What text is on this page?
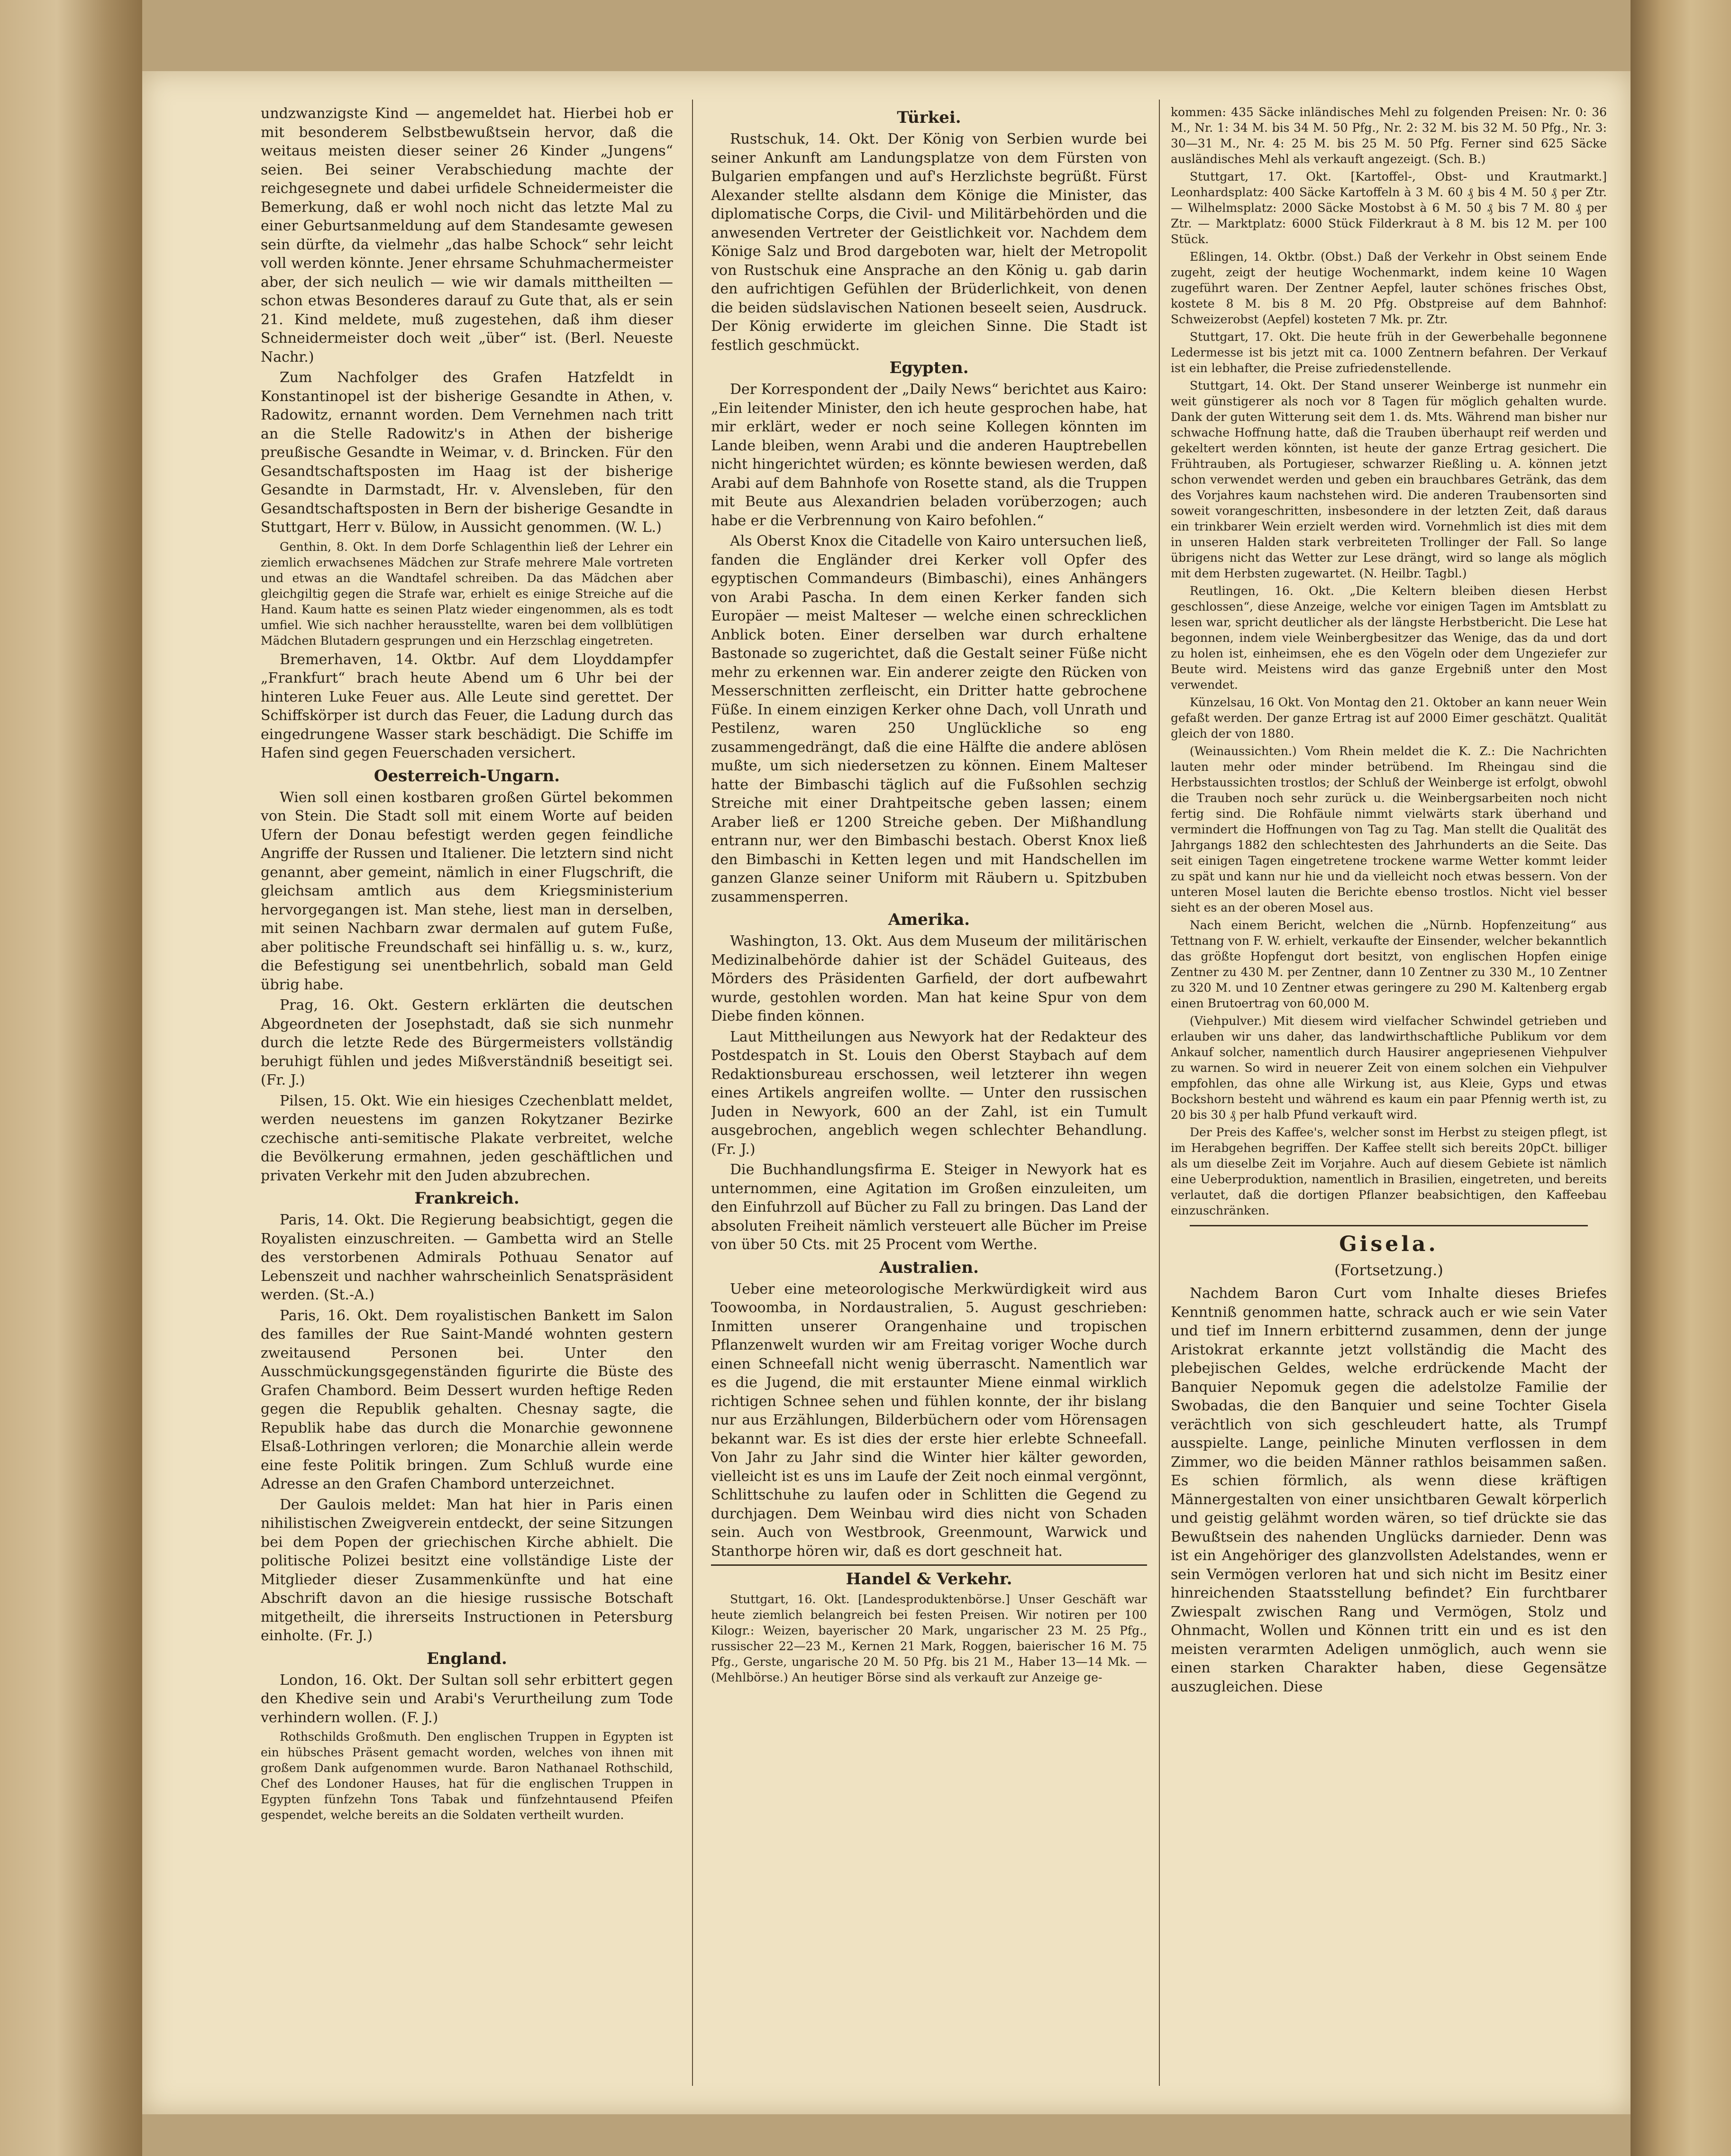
undzwanzigste Kind — angemeldet hat. Hierbei hob er mit besonderem Selbstbewußtsein hervor, daß die weitaus meisten dieser seiner 26 Kinder „Jungens“ seien. Bei seiner Verabschiedung machte der reichgesegnete und dabei urfidele Schneidermeister die Bemerkung, daß er wohl noch nicht das letzte Mal zu einer Geburtsanmeldung auf dem Standesamte gewesen sein dürfte, da vielmehr „das halbe Schock“ sehr leicht voll werden könnte. Jener ehrsame Schuhmachermeister aber, der sich neulich — wie wir damals mittheilten — schon etwas Besonderes darauf zu Gute that, als er sein 21. Kind meldete, muß zugestehen, daß ihm dieser Schneidermeister doch weit „über“ ist. (Berl. Neueste Nachr.)

Zum Nachfolger des Grafen Hatzfeldt in Konstantinopel ist der bisherige Gesandte in Athen, v. Radowitz, ernannt worden. Dem Vernehmen nach tritt an die Stelle Radowitz's in Athen der bisherige preußische Gesandte in Weimar, v. d. Brincken. Für den Gesandtschaftsposten im Haag ist der bisherige Gesandte in Darmstadt, Hr. v. Alvensleben, für den Gesandtschaftsposten in Bern der bisherige Gesandte in Stuttgart, Herr v. Bülow, in Aussicht genommen. (W. L.)

Genthin, 8. Okt. In dem Dorfe Schlagenthin ließ der Lehrer ein ziemlich erwachsenes Mädchen zur Strafe mehrere Male vortreten und etwas an die Wandtafel schreiben. Da das Mädchen aber gleichgiltig gegen die Strafe war, erhielt es einige Streiche auf die Hand. Kaum hatte es seinen Platz wieder eingenommen, als es todt umfiel. Wie sich nachher herausstellte, waren bei dem vollblütigen Mädchen Blutadern gesprungen und ein Herzschlag eingetreten.

Bremerhaven, 14. Oktbr. Auf dem Lloyddampfer „Frankfurt“ brach heute Abend um 6 Uhr bei der hinteren Luke Feuer aus. Alle Leute sind gerettet. Der Schiffskörper ist durch das Feuer, die Ladung durch das eingedrungene Wasser stark beschädigt. Die Schiffe im Hafen sind gegen Feuerschaden versichert.

Oesterreich-Ungarn.

Wien soll einen kostbaren großen Gürtel bekommen von Stein. Die Stadt soll mit einem Worte auf beiden Ufern der Donau befestigt werden gegen feindliche Angriffe der Russen und Italiener. Die letztern sind nicht genannt, aber gemeint, nämlich in einer Flugschrift, die gleichsam amtlich aus dem Kriegsministerium hervorgegangen ist. Man stehe, liest man in derselben, mit seinen Nachbarn zwar dermalen auf gutem Fuße, aber politische Freundschaft sei hinfällig u. s. w., kurz, die Befestigung sei unentbehrlich, sobald man Geld übrig habe.

Prag, 16. Okt. Gestern erklärten die deutschen Abgeordneten der Josephstadt, daß sie sich nunmehr durch die letzte Rede des Bürgermeisters vollständig beruhigt fühlen und jedes Mißverständniß beseitigt sei. (Fr. J.)

Pilsen, 15. Okt. Wie ein hiesiges Czechenblatt meldet, werden neuestens im ganzen Rokytzaner Bezirke czechische anti-semitische Plakate verbreitet, welche die Bevölkerung ermahnen, jeden geschäftlichen und privaten Verkehr mit den Juden abzubrechen.

Frankreich.

Paris, 14. Okt. Die Regierung beabsichtigt, gegen die Royalisten einzuschreiten. — Gambetta wird an Stelle des verstorbenen Admirals Pothuau Senator auf Lebenszeit und nachher wahrscheinlich Senatspräsident werden. (St.-A.)

Paris, 16. Okt. Dem royalistischen Bankett im Salon des familles der Rue Saint-Mandé wohnten gestern zweitausend Personen bei. Unter den Ausschmückungsgegenständen figurirte die Büste des Grafen Chambord. Beim Dessert wurden heftige Reden gegen die Republik gehalten. Chesnay sagte, die Republik habe das durch die Monarchie gewonnene Elsaß-Lothringen verloren; die Monarchie allein werde eine feste Politik bringen. Zum Schluß wurde eine Adresse an den Grafen Chambord unterzeichnet.

Der Gaulois meldet: Man hat hier in Paris einen nihilistischen Zweigverein entdeckt, der seine Sitzungen bei dem Popen der griechischen Kirche abhielt. Die politische Polizei besitzt eine vollständige Liste der Mitglieder dieser Zusammenkünfte und hat eine Abschrift davon an die hiesige russische Botschaft mitgetheilt, die ihrerseits Instructionen in Petersburg einholte. (Fr. J.)

England.

London, 16. Okt. Der Sultan soll sehr erbittert gegen den Khedive sein und Arabi's Verurtheilung zum Tode verhindern wollen. (F. J.)

Rothschilds Großmuth. Den englischen Truppen in Egypten ist ein hübsches Präsent gemacht worden, welches von ihnen mit großem Dank aufgenommen wurde. Baron Nathanael Rothschild, Chef des Londoner Hauses, hat für die englischen Truppen in Egypten fünfzehn Tons Tabak und fünfzehntausend Pfeifen gespendet, welche bereits an die Soldaten vertheilt wurden.

Türkei.

Rustschuk, 14. Okt. Der König von Serbien wurde bei seiner Ankunft am Landungsplatze von dem Fürsten von Bulgarien empfangen und auf's Herzlichste begrüßt. Fürst Alexander stellte alsdann dem Könige die Minister, das diplomatische Corps, die Civil- und Militärbehörden und die anwesenden Vertreter der Geistlichkeit vor. Nachdem dem Könige Salz und Brod dargeboten war, hielt der Metropolit von Rustschuk eine Ansprache an den König u. gab darin den aufrichtigen Gefühlen der Brüderlichkeit, von denen die beiden südslavischen Nationen beseelt seien, Ausdruck. Der König erwiderte im gleichen Sinne. Die Stadt ist festlich geschmückt.

Egypten.

Der Korrespondent der „Daily News“ berichtet aus Kairo: „Ein leitender Minister, den ich heute gesprochen habe, hat mir erklärt, weder er noch seine Kollegen könnten im Lande bleiben, wenn Arabi und die anderen Hauptrebellen nicht hingerichtet würden; es könnte bewiesen werden, daß Arabi auf dem Bahnhofe von Rosette stand, als die Truppen mit Beute aus Alexandrien beladen vorüberzogen; auch habe er die Verbrennung von Kairo befohlen.“

Als Oberst Knox die Citadelle von Kairo untersuchen ließ, fanden die Engländer drei Kerker voll Opfer des egyptischen Commandeurs (Bimbaschi), eines Anhängers von Arabi Pascha. In dem einen Kerker fanden sich Europäer — meist Malteser — welche einen schrecklichen Anblick boten. Einer derselben war durch erhaltene Bastonade so zugerichtet, daß die Gestalt seiner Füße nicht mehr zu erkennen war. Ein anderer zeigte den Rücken von Messerschnitten zerfleischt, ein Dritter hatte gebrochene Füße. In einem einzigen Kerker ohne Dach, voll Unrath und Pestilenz, waren 250 Unglückliche so eng zusammengedrängt, daß die eine Hälfte die andere ablösen mußte, um sich niedersetzen zu können. Einem Malteser hatte der Bimbaschi täglich auf die Fußsohlen sechzig Streiche mit einer Drahtpeitsche geben lassen; einem Araber ließ er 1200 Streiche geben. Der Mißhandlung entrann nur, wer den Bimbaschi bestach. Oberst Knox ließ den Bimbaschi in Ketten legen und mit Handschellen im ganzen Glanze seiner Uniform mit Räubern u. Spitzbuben zusammensperren.

Amerika.

Washington, 13. Okt. Aus dem Museum der militärischen Medizinalbehörde dahier ist der Schädel Guiteaus, des Mörders des Präsidenten Garfield, der dort aufbewahrt wurde, gestohlen worden. Man hat keine Spur von dem Diebe finden können.

Laut Mittheilungen aus Newyork hat der Redakteur des Postdespatch in St. Louis den Oberst Staybach auf dem Redaktionsbureau erschossen, weil letzterer ihn wegen eines Artikels angreifen wollte. — Unter den russischen Juden in Newyork, 600 an der Zahl, ist ein Tumult ausgebrochen, angeblich wegen schlechter Behandlung. (Fr. J.)

Die Buchhandlungsfirma E. Steiger in Newyork hat es unternommen, eine Agitation im Großen einzuleiten, um den Einfuhrzoll auf Bücher zu Fall zu bringen. Das Land der absoluten Freiheit nämlich versteuert alle Bücher im Preise von über 50 Cts. mit 25 Procent vom Werthe.

Australien.

Ueber eine meteorologische Merkwürdigkeit wird aus Toowoomba, in Nordaustralien, 5. August geschrieben: Inmitten unserer Orangenhaine und tropischen Pflanzenwelt wurden wir am Freitag voriger Woche durch einen Schneefall nicht wenig überrascht. Namentlich war es die Jugend, die mit erstaunter Miene einmal wirklich richtigen Schnee sehen und fühlen konnte, der ihr bislang nur aus Erzählungen, Bilderbüchern oder vom Hörensagen bekannt war. Es ist dies der erste hier erlebte Schneefall. Von Jahr zu Jahr sind die Winter hier kälter geworden, vielleicht ist es uns im Laufe der Zeit noch einmal vergönnt, Schlittschuhe zu laufen oder in Schlitten die Gegend zu durchjagen. Dem Weinbau wird dies nicht von Schaden sein. Auch von Westbrook, Greenmount, Warwick und Stanthorpe hören wir, daß es dort geschneit hat.

Handel & Verkehr.

Stuttgart, 16. Okt. [Landesproduktenbörse.] Unser Geschäft war heute ziemlich belangreich bei festen Preisen. Wir notiren per 100 Kilogr.: Weizen, bayerischer 20 Mark, ungarischer 23 M. 25 Pfg., russischer 22—23 M., Kernen 21 Mark, Roggen, baierischer 16 M. 75 Pfg., Gerste, ungarische 20 M. 50 Pfg. bis 21 M., Haber 13—14 Mk. — (Mehlbörse.) An heutiger Börse sind als verkauft zur Anzeige ge-

kommen: 435 Säcke inländisches Mehl zu folgenden Preisen: Nr. 0: 36 M., Nr. 1: 34 M. bis 34 M. 50 Pfg., Nr. 2: 32 M. bis 32 M. 50 Pfg., Nr. 3: 30—31 M., Nr. 4: 25 M. bis 25 M. 50 Pfg. Ferner sind 625 Säcke ausländisches Mehl als verkauft angezeigt. (Sch. B.)

Stuttgart, 17. Okt. [Kartoffel-, Obst- und Krautmarkt.] Leonhardsplatz: 400 Säcke Kartoffeln à 3 M. 60 ₰ bis 4 M. 50 ₰ per Ztr. — Wilhelmsplatz: 2000 Säcke Mostobst à 6 M. 50 ₰ bis 7 M. 80 ₰ per Ztr. — Marktplatz: 6000 Stück Filderkraut à 8 M. bis 12 M. per 100 Stück.

Eßlingen, 14. Oktbr. (Obst.) Daß der Verkehr in Obst seinem Ende zugeht, zeigt der heutige Wochenmarkt, indem keine 10 Wagen zugeführt waren. Der Zentner Aepfel, lauter schönes frisches Obst, kostete 8 M. bis 8 M. 20 Pfg. Obstpreise auf dem Bahnhof: Schweizerobst (Aepfel) kosteten 7 Mk. pr. Ztr.

Stuttgart, 17. Okt. Die heute früh in der Gewerbehalle begonnene Ledermesse ist bis jetzt mit ca. 1000 Zentnern befahren. Der Verkauf ist ein lebhafter, die Preise zufriedenstellende.

Stuttgart, 14. Okt. Der Stand unserer Weinberge ist nunmehr ein weit günstigerer als noch vor 8 Tagen für möglich gehalten wurde. Dank der guten Witterung seit dem 1. ds. Mts. Während man bisher nur schwache Hoffnung hatte, daß die Trauben überhaupt reif werden und gekeltert werden könnten, ist heute der ganze Ertrag gesichert. Die Frühtrauben, als Portugieser, schwarzer Rießling u. A. können jetzt schon verwendet werden und geben ein brauchbares Getränk, das dem des Vorjahres kaum nachstehen wird. Die anderen Traubensorten sind soweit vorangeschritten, insbesondere in der letzten Zeit, daß daraus ein trinkbarer Wein erzielt werden wird. Vornehmlich ist dies mit dem in unseren Halden stark verbreiteten Trollinger der Fall. So lange übrigens nicht das Wetter zur Lese drängt, wird so lange als möglich mit dem Herbsten zugewartet. (N. Heilbr. Tagbl.)

Reutlingen, 16. Okt. „Die Keltern bleiben diesen Herbst geschlossen“, diese Anzeige, welche vor einigen Tagen im Amtsblatt zu lesen war, spricht deutlicher als der längste Herbstbericht. Die Lese hat begonnen, indem viele Weinbergbesitzer das Wenige, das da und dort zu holen ist, einheimsen, ehe es den Vögeln oder dem Ungeziefer zur Beute wird. Meistens wird das ganze Ergebniß unter den Most verwendet.

Künzelsau, 16 Okt. Von Montag den 21. Oktober an kann neuer Wein gefaßt werden. Der ganze Ertrag ist auf 2000 Eimer geschätzt. Qualität gleich der von 1880.

(Weinaussichten.) Vom Rhein meldet die K. Z.: Die Nachrichten lauten mehr oder minder betrübend. Im Rheingau sind die Herbstaussichten trostlos; der Schluß der Weinberge ist erfolgt, obwohl die Trauben noch sehr zurück u. die Weinbergsarbeiten noch nicht fertig sind. Die Rohfäule nimmt vielwärts stark überhand und vermindert die Hoffnungen von Tag zu Tag. Man stellt die Qualität des Jahrgangs 1882 den schlechtesten des Jahrhunderts an die Seite. Das seit einigen Tagen eingetretene trockene warme Wetter kommt leider zu spät und kann nur hie und da vielleicht noch etwas bessern. Von der unteren Mosel lauten die Berichte ebenso trostlos. Nicht viel besser sieht es an der oberen Mosel aus.

Nach einem Bericht, welchen die „Nürnb. Hopfenzeitung“ aus Tettnang von F. W. erhielt, verkaufte der Einsender, welcher bekanntlich das größte Hopfengut dort besitzt, von englischen Hopfen einige Zentner zu 430 M. per Zentner, dann 10 Zentner zu 330 M., 10 Zentner zu 320 M. und 10 Zentner etwas geringere zu 290 M. Kaltenberg ergab einen Brutoertrag von 60,000 M.

(Viehpulver.) Mit diesem wird vielfacher Schwindel getrieben und erlauben wir uns daher, das landwirthschaftliche Publikum vor dem Ankauf solcher, namentlich durch Hausirer angepriesenen Viehpulver zu warnen. So wird in neuerer Zeit von einem solchen ein Viehpulver empfohlen, das ohne alle Wirkung ist, aus Kleie, Gyps und etwas Bockshorn besteht und während es kaum ein paar Pfennig werth ist, zu 20 bis 30 ₰ per halb Pfund verkauft wird.

Der Preis des Kaffee's, welcher sonst im Herbst zu steigen pflegt, ist im Herabgehen begriffen. Der Kaffee stellt sich bereits 20pCt. billiger als um dieselbe Zeit im Vorjahre. Auch auf diesem Gebiete ist nämlich eine Ueberproduktion, namentlich in Brasilien, eingetreten, und bereits verlautet, daß die dortigen Pflanzer beabsichtigen, den Kaffeebau einzuschränken.

Gisela.
(Fortsetzung.)

Nachdem Baron Curt vom Inhalte dieses Briefes Kenntniß genommen hatte, schrack auch er wie sein Vater und tief im Innern erbitternd zusammen, denn der junge Aristokrat erkannte jetzt vollständig die Macht des plebejischen Geldes, welche erdrückende Macht der Banquier Nepomuk gegen die adelstolze Familie der Swobadas, die den Banquier und seine Tochter Gisela verächtlich von sich geschleudert hatte, als Trumpf ausspielte. Lange, peinliche Minuten verflossen in dem Zimmer, wo die beiden Männer rathlos beisammen saßen. Es schien förmlich, als wenn diese kräftigen Männergestalten von einer unsichtbaren Gewalt körperlich und geistig gelähmt worden wären, so tief drückte sie das Bewußtsein des nahenden Unglücks darnieder. Denn was ist ein Angehöriger des glanzvollsten Adelstandes, wenn er sein Vermögen verloren hat und sich nicht im Besitz einer hinreichenden Staatsstellung befindet? Ein furchtbarer Zwiespalt zwischen Rang und Vermögen, Stolz und Ohnmacht, Wollen und Können tritt ein und es ist den meisten verarmten Adeligen unmöglich, auch wenn sie einen starken Charakter haben, diese Gegensätze auszugleichen. Diese
